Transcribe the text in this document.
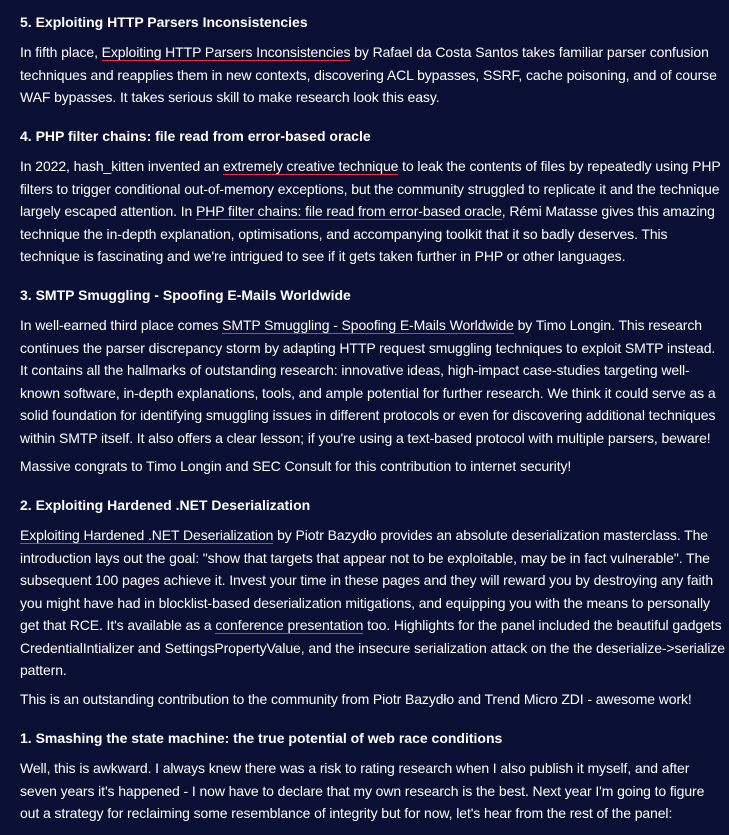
5. Exploiting HTTP Parsers Inconsistencies

In fifth place, Exploiting HTTP Parsers Inconsistencies by Rafael da Costa Santos takes familiar parser confusion techniques and reapplies them in new contexts, discovering ACL bypasses, SSRF, cache poisoning, and of course WAF bypasses. It takes serious skill to make research look this easy.

4. PHP filter chains: file read from error-based oracle

In 2022, hash_kitten invented an extremely creative technique to leak the contents of files by repeatedly using PHP filters to trigger conditional out-of-memory exceptions, but the community struggled to replicate it and the technique largely escaped attention. In PHP filter chains: file read from error-based oracle, Rémi Matasse gives this amazing technique the in-depth explanation, optimisations, and accompanying toolkit that it so badly deserves. This technique is fascinating and we're intrigued to see if it gets taken further in PHP or other languages.

3. SMTP Smuggling - Spoofing E-Mails Worldwide

In well-earned third place comes SMTP Smuggling - Spoofing E-Mails Worldwide by Timo Longin. This research continues the parser discrepancy storm by adapting HTTP request smuggling techniques to exploit SMTP instead. It contains all the hallmarks of outstanding research: innovative ideas, high-impact case-studies targeting well-known software, in-depth explanations, tools, and ample potential for further research. We think it could serve as a solid foundation for identifying smuggling issues in different protocols or even for discovering additional techniques within SMTP itself. It also offers a clear lesson; if you're using a text-based protocol with multiple parsers, beware!

Massive congrats to Timo Longin and SEC Consult for this contribution to internet security!

2. Exploiting Hardened .NET Deserialization

Exploiting Hardened .NET Deserialization by Piotr Bazydło provides an absolute deserialization masterclass. The introduction lays out the goal: "show that targets that appear not to be exploitable, may be in fact vulnerable". The subsequent 100 pages achieve it. Invest your time in these pages and they will reward you by destroying any faith you might have had in blocklist-based deserialization mitigations, and equipping you with the means to personally get that RCE. It's available as a conference presentation too. Highlights for the panel included the beautiful gadgets CredentialIntializer and SettingsPropertyValue, and the insecure serialization attack on the the deserialize->serialize pattern.

This is an outstanding contribution to the community from Piotr Bazydło and Trend Micro ZDI - awesome work!

1. Smashing the state machine: the true potential of web race conditions

Well, this is awkward. I always knew there was a risk to rating research when I also publish it myself, and after seven years it's happened - I now have to declare that my own research is the best. Next year I'm going to figure out a strategy for reclaiming some resemblance of integrity but for now, let's hear from the rest of the panel:
